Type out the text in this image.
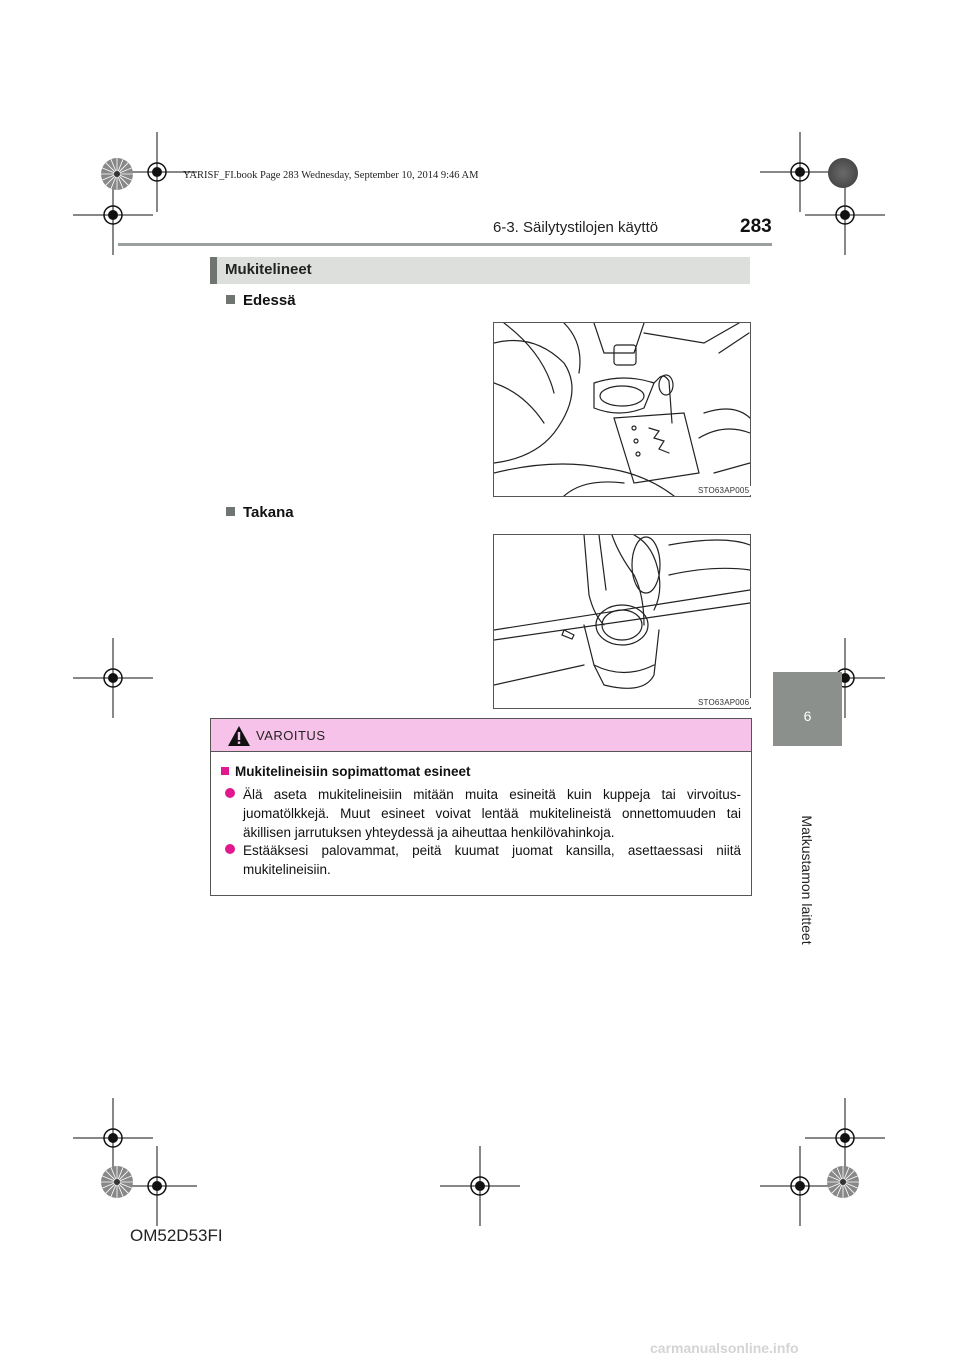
YARISF_FI.book Page 283 Wednesday, September 10, 2014 9:46 AM
6-3. Säilytystilojen käyttö	283
6
Matkustamon laitteet
Mukitelineet
Edessä
STO63AP005
Takana
STO63AP006
VAROITUS
Mukitelineisiin sopimattomat esineet
Älä aseta mukitelineisiin mitään muita esineitä kuin kuppeja tai virvoitus-juomatölkkejä. Muut esineet voivat lentää mukitelineistä onnettomuuden tai äkillisen jarrutuksen yhteydessä ja aiheuttaa henkilövahinkoja.
Estääksesi palovammat, peitä kuumat juomat kansilla, asettaessasi niitä mukitelineisiin.
OM52D53FI
carmanualsonline.info
